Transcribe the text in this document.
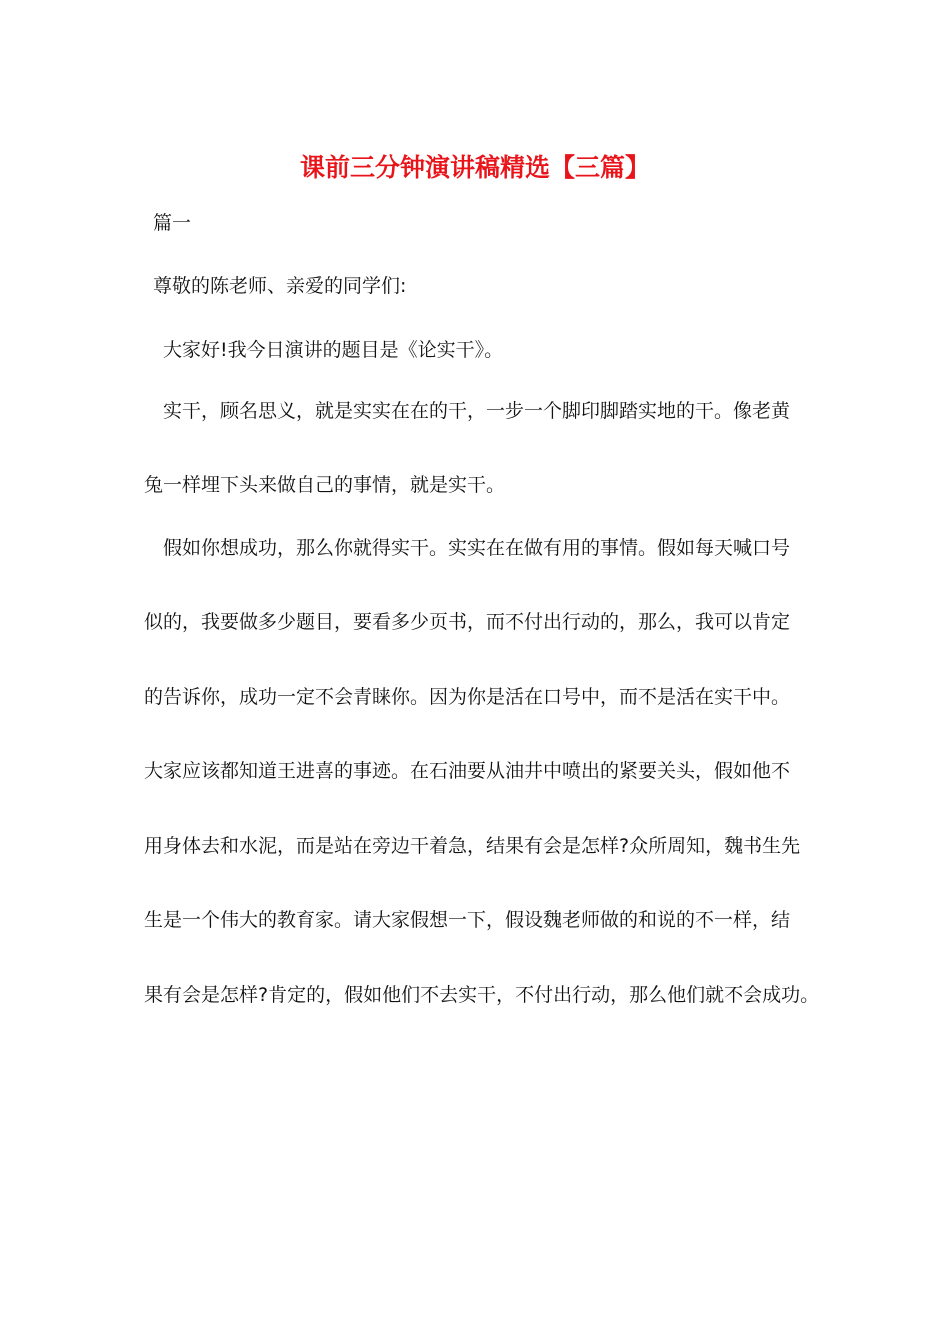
课前三分钟演讲稿精选【三篇】
篇一
尊敬的陈老师、亲爱的同学们:
大家好!我今日演讲的题目是《论实干》。
实干，顾名思义，就是实实在在的干，一步一个脚印脚踏实地的干。像老黄
兔一样埋下头来做自己的事情，就是实干。
假如你想成功，那么你就得实干。实实在在做有用的事情。假如每天喊口号
似的，我要做多少题目，要看多少页书，而不付出行动的，那么，我可以肯定
的告诉你，成功一定不会青睐你。因为你是活在口号中，而不是活在实干中。
大家应该都知道王进喜的事迹。在石油要从油井中喷出的紧要关头，假如他不
用身体去和水泥，而是站在旁边干着急，结果有会是怎样?众所周知，魏书生先
生是一个伟大的教育家。请大家假想一下，假设魏老师做的和说的不一样，结
果有会是怎样?肯定的，假如他们不去实干，不付出行动，那么他们就不会成功。
